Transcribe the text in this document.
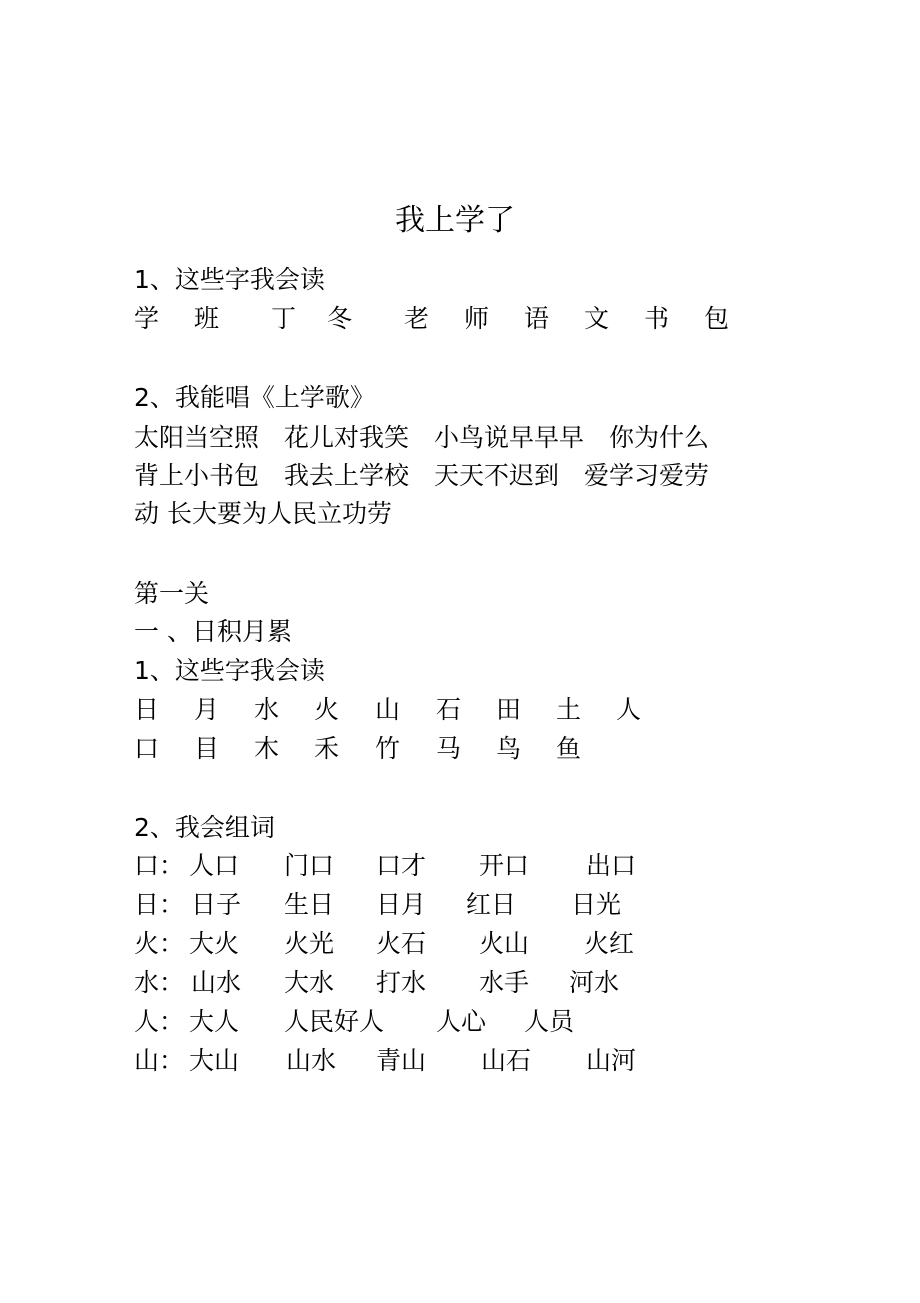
我上学了
1、这些字我会读
学 班 丁 冬 老 师 语 文 书 包
2、我能唱《上学歌》
太阳当空照　花儿对我笑　小鸟说早早早　你为什么
背上小书包　我去上学校　天天不迟到　爱学习爱劳
动 长大要为人民立功劳
第一关
一 、日积月累
1、这些字我会读
日 月 水 火 山 石 田 土 人
口 目 木 禾 竹 马 鸟 鱼
2、我会组词
口： 人口 门口 口才 开口 出口
日： 日子 生日 日月 红日 日光
火： 大火 火光 火石 火山 火红
水： 山水 大水 打水 水手 河水
人： 大人 人民好人 人心 人员
山： 大山 山水 青山 山石 山河
